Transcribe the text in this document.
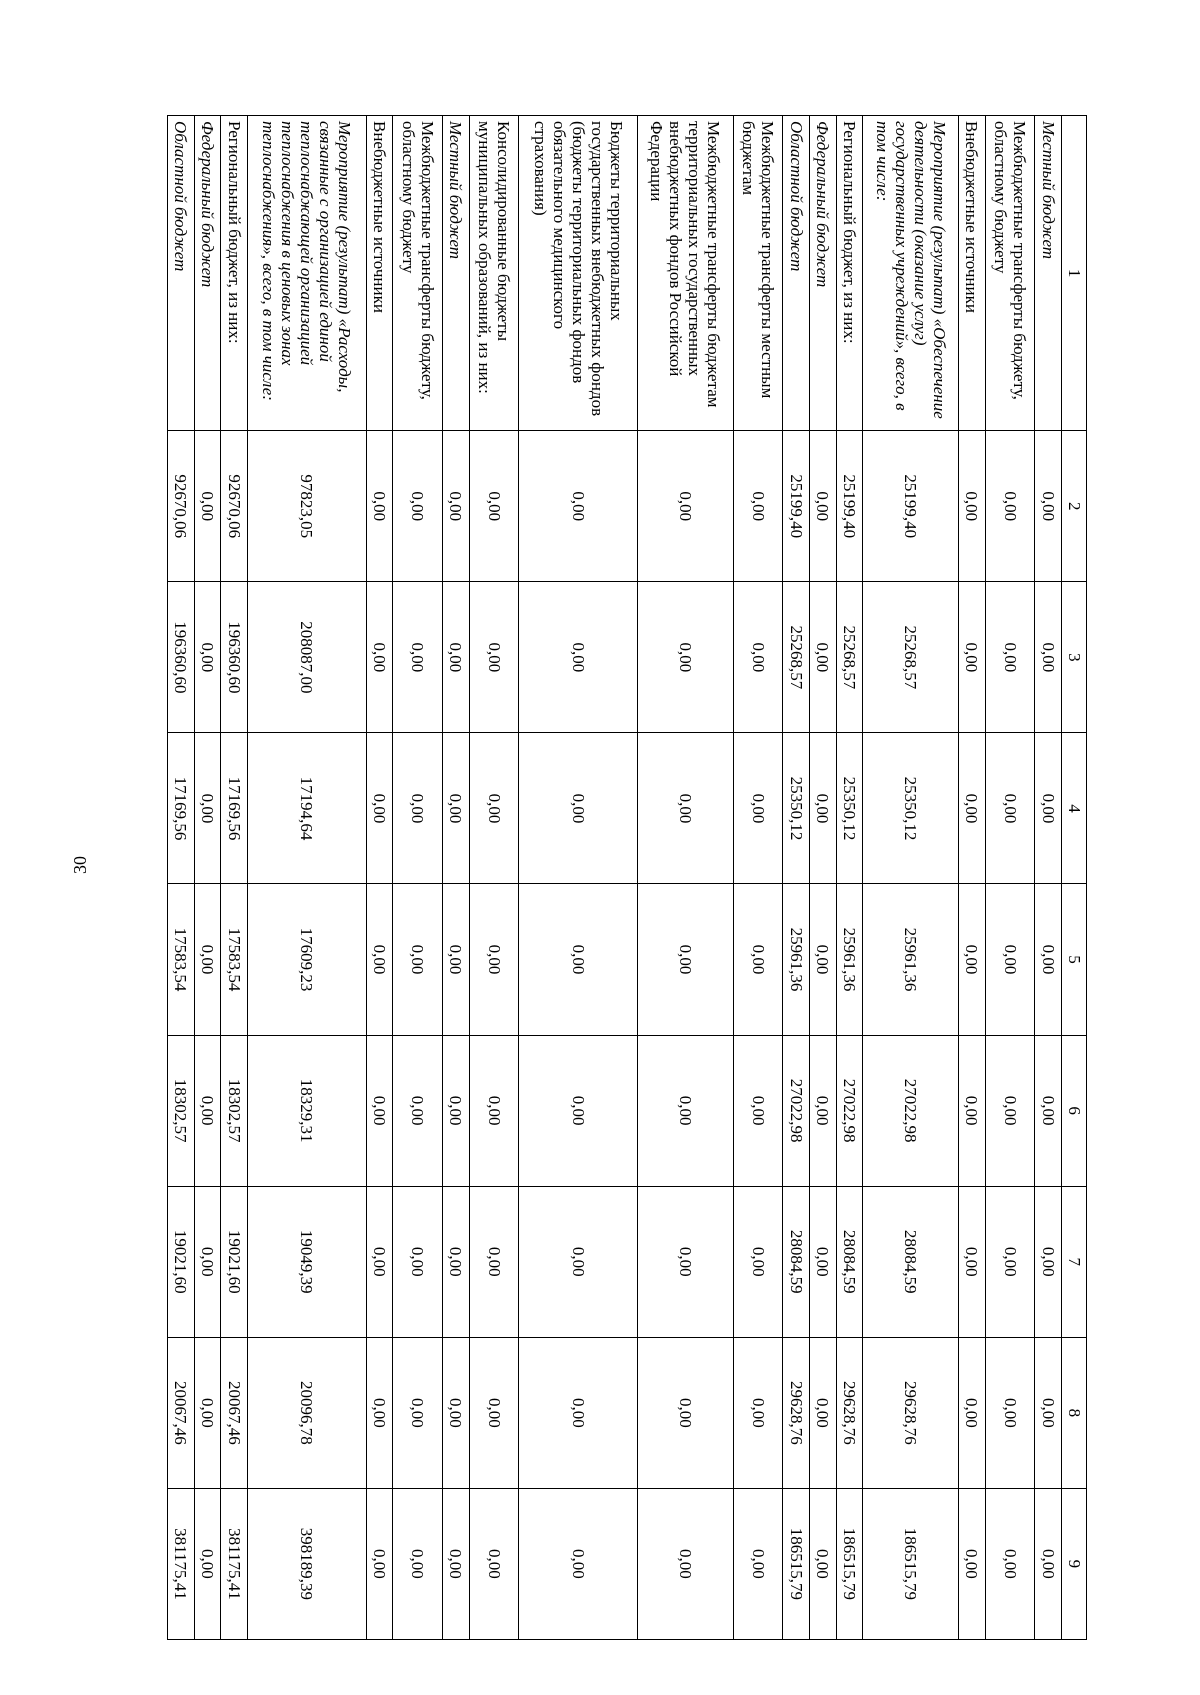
30
1	2	3	4	5	6	7	8	9
Местный бюджет	0,00	0,00	0,00	0,00	0,00	0,00	0,00	0,00
Межбюджетные трансферты бюджету, областному бюджету	0,00	0,00	0,00	0,00	0,00	0,00	0,00	0,00
Внебюджетные источники	0,00	0,00	0,00	0,00	0,00	0,00	0,00	0,00
Мероприятие (результат) «Обеспечение деятельности (оказание услуг) государственных учреждений», всего, в том числе:	25199,40	25268,57	25350,12	25961,36	27022,98	28084,59	29628,76	186515,79
Региональный бюджет, из них:	25199,40	25268,57	25350,12	25961,36	27022,98	28084,59	29628,76	186515,79
Федеральный бюджет	0,00	0,00	0,00	0,00	0,00	0,00	0,00	0,00
Областной бюджет	25199,40	25268,57	25350,12	25961,36	27022,98	28084,59	29628,76	186515,79
Межбюджетные трансферты местным бюджетам	0,00	0,00	0,00	0,00	0,00	0,00	0,00	0,00
Межбюджетные трансферты бюджетам территориальных государственных внебюджетных фондов Российской Федерации	0,00	0,00	0,00	0,00	0,00	0,00	0,00	0,00
Бюджеты территориальных государственных внебюджетных фондов (бюджеты территориальных фондов обязательного медицинского страхования)	0,00	0,00	0,00	0,00	0,00	0,00	0,00	0,00
Консолидированные бюджеты муниципальных образований, из них:	0,00	0,00	0,00	0,00	0,00	0,00	0,00	0,00
Местный бюджет	0,00	0,00	0,00	0,00	0,00	0,00	0,00	0,00
Межбюджетные трансферты бюджету, областному бюджету	0,00	0,00	0,00	0,00	0,00	0,00	0,00	0,00
Внебюджетные источники	0,00	0,00	0,00	0,00	0,00	0,00	0,00	0,00
Мероприятие (результат) «Расходы, связанные с организацией единой теплоснабжающей организацией теплоснабжения в ценовых зонах теплоснабжения», всего, в том числе:	97823,05	208087,00	17194,64	17609,23	18329,31	19049,39	20096,78	398189,39
Региональный бюджет, из них:	92670,06	196360,60	17169,56	17583,54	18302,57	19021,60	20067,46	381175,41
Федеральный бюджет	0,00	0,00	0,00	0,00	0,00	0,00	0,00	0,00
Областной бюджет	92670,06	196360,60	17169,56	17583,54	18302,57	19021,60	20067,46	381175,41
